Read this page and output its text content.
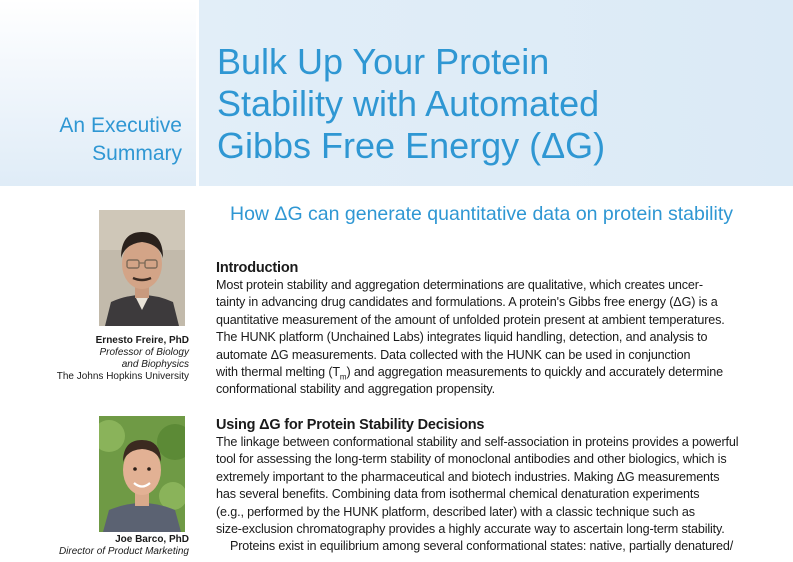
An Executive
Summary
Bulk Up Your Protein
Stability with Automated
Gibbs Free Energy (ΔG)
How ΔG can generate quantitative data on protein stability
Ernesto Freire, PhD
Professor of Biology
and Biophysics
The Johns Hopkins University
Joe Barco, PhD
Director of Product Marketing
Introduction
Most protein stability and aggregation determinations are qualitative, which creates uncer-
tainty in advancing drug candidates and formulations. A protein's Gibbs free energy (ΔG) is a
quantitative measurement of the amount of unfolded protein present at ambient temperatures.
The HUNK platform (Unchained Labs) integrates liquid handling, detection, and analysis to
automate ΔG measurements. Data collected with the HUNK can be used in conjunction
with thermal melting $(T_m)$ and aggregation measurements to quickly and accurately determine
conformational stability and aggregation propensity.
Using ΔG for Protein Stability Decisions
The linkage between conformational stability and self-association in proteins provides a powerful
tool for assessing the long-term stability of monoclonal antibodies and other biologics, which is
extremely important to the pharmaceutical and biotech industries. Making ΔG measurements
has several benefits. Combining data from isothermal chemical denaturation experiments
(e.g., performed by the HUNK platform, described later) with a classic technique such as
size-exclusion chromatography provides a highly accurate way to ascertain long-term stability.
Proteins exist in equilibrium among several conformational states: native, partially denatured/
